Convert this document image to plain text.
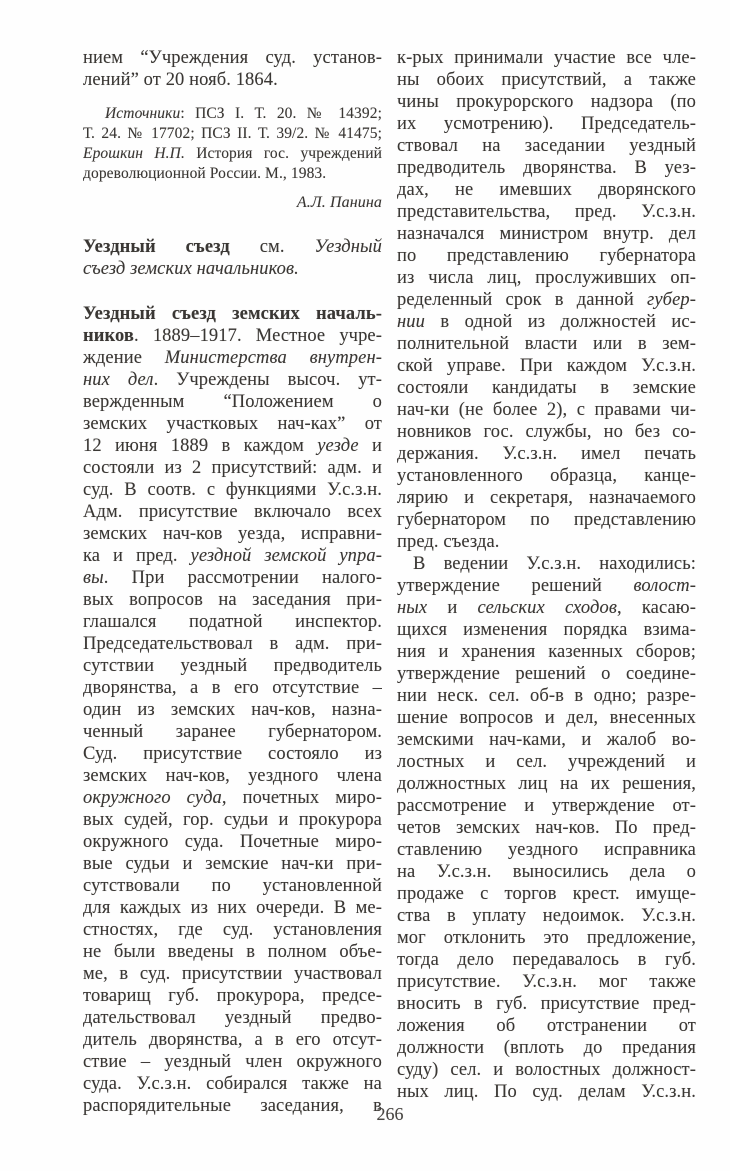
нием “Учреждения суд. установ-
лений” от 20 нояб. 1864.
Источники: ПСЗ I. Т. 20. № 14392;
Т. 24. № 17702; ПСЗ II. Т. 39/2. № 41475;
Ерошкин Н.П. История гос. учреждений
дореволюционной России. М., 1983.
А.Л. Панина
Уездный съезд см. Уездный
съезд земских начальников.
Уездный съезд земских началь-
ников. 1889–1917. Местное учре-
ждение Министерства внутрен-
них дел. Учреждены высоч. ут-
вержденным “Положением о
земских участковых нач-ках” от
12 июня 1889 в каждом уезде и
состояли из 2 присутствий: адм. и
суд. В соотв. с функциями У.с.з.н.
Адм. присутствие включало всех
земских нач-ков уезда, исправни-
ка и пред. уездной земской упра-
вы. При рассмотрении налого-
вых вопросов на заседания при-
глашался податной инспектор.
Председательствовал в адм. при-
сутствии уездный предводитель
дворянства, а в его отсутствие –
один из земских нач-ков, назна-
ченный заранее губернатором.
Суд. присутствие состояло из
земских нач-ков, уездного члена
окружного суда, почетных миро-
вых судей, гор. судьи и прокурора
окружного суда. Почетные миро-
вые судьи и земские нач-ки при-
сутствовали по установленной
для каждых из них очереди. В ме-
стностях, где суд. установления
не были введены в полном объе-
ме, в суд. присутствии участвовал
товарищ губ. прокурора, предсе-
дательствовал уездный предво-
дитель дворянства, а в его отсут-
ствие – уездный член окружного
суда. У.с.з.н. собирался также на
распорядительные заседания, в
к-рых принимали участие все чле-
ны обоих присутствий, а также
чины прокурорского надзора (по
их усмотрению). Председатель-
ствовал на заседании уездный
предводитель дворянства. В уез-
дах, не имевших дворянского
представительства, пред. У.с.з.н.
назначался министром внутр. дел
по представлению губернатора
из числа лиц, прослуживших оп-
ределенный срок в данной губер-
нии в одной из должностей ис-
полнительной власти или в зем-
ской управе. При каждом У.с.з.н.
состояли кандидаты в земские
нач-ки (не более 2), с правами чи-
новников гос. службы, но без со-
держания. У.с.з.н. имел печать
установленного образца, канце-
лярию и секретаря, назначаемого
губернатором по представлению
пред. съезда.
В ведении У.с.з.н. находились:
утверждение решений волост-
ных и сельских сходов, касаю-
щихся изменения порядка взима-
ния и хранения казенных сборов;
утверждение решений о соедине-
нии неск. сел. об-в в одно; разре-
шение вопросов и дел, внесенных
земскими нач-ками, и жалоб во-
лостных и сел. учреждений и
должностных лиц на их решения,
рассмотрение и утверждение от-
четов земских нач-ков. По пред-
ставлению уездного исправника
на У.с.з.н. выносились дела о
продаже с торгов крест. имуще-
ства в уплату недоимок. У.с.з.н.
мог отклонить это предложение,
тогда дело передавалось в губ.
присутствие. У.с.з.н. мог также
вносить в губ. присутствие пред-
ложения об отстранении от
должности (вплоть до предания
суду) сел. и волостных должност-
ных лиц. По суд. делам У.с.з.н.
266
